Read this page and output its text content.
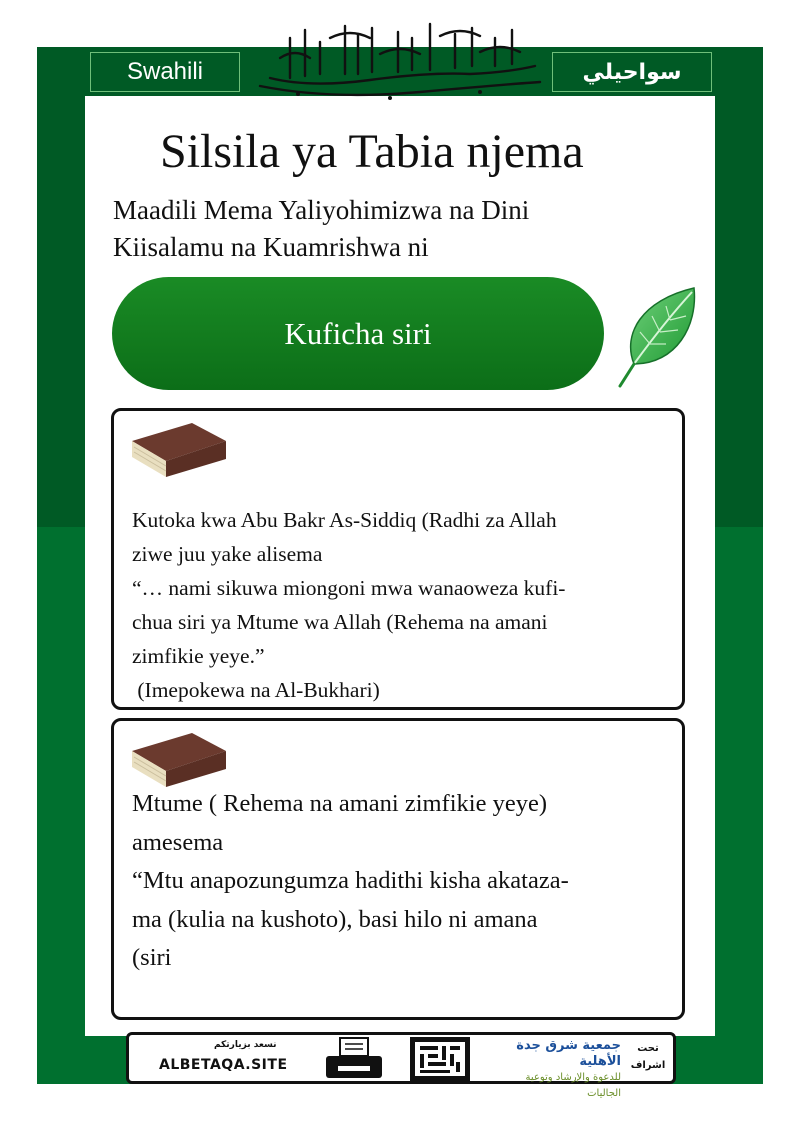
Swahili	سواحيلي
Silsila ya Tabia njema
Maadili Mema Yaliyohimizwa na Dini
Kiisalamu na Kuamrishwa ni
Kuficha siri

Kutoka kwa Abu Bakr As-Siddiq (Radhi za Allah

ziwe juu yake alisema

“… nami sikuwa miongoni mwa wanaoweza kufi-

chua siri ya Mtume wa Allah (Rehema na amani

zimfikie yeye.”

(Imepokewa na Al-Bukhari)

Mtume ( Rehema na amani zimfikie yeye)

amesema

“Mtu anapozungumza hadithi kisha akataza-

ma (kulia na kushoto), basi hilo ni amana

(siri

نسعد بزيارتكم
ALBETAQA.SITE
جمعية شرق جدة الأهلية
للدعوة والإرشاد وتوعية الجاليات
تحت
اشراف
